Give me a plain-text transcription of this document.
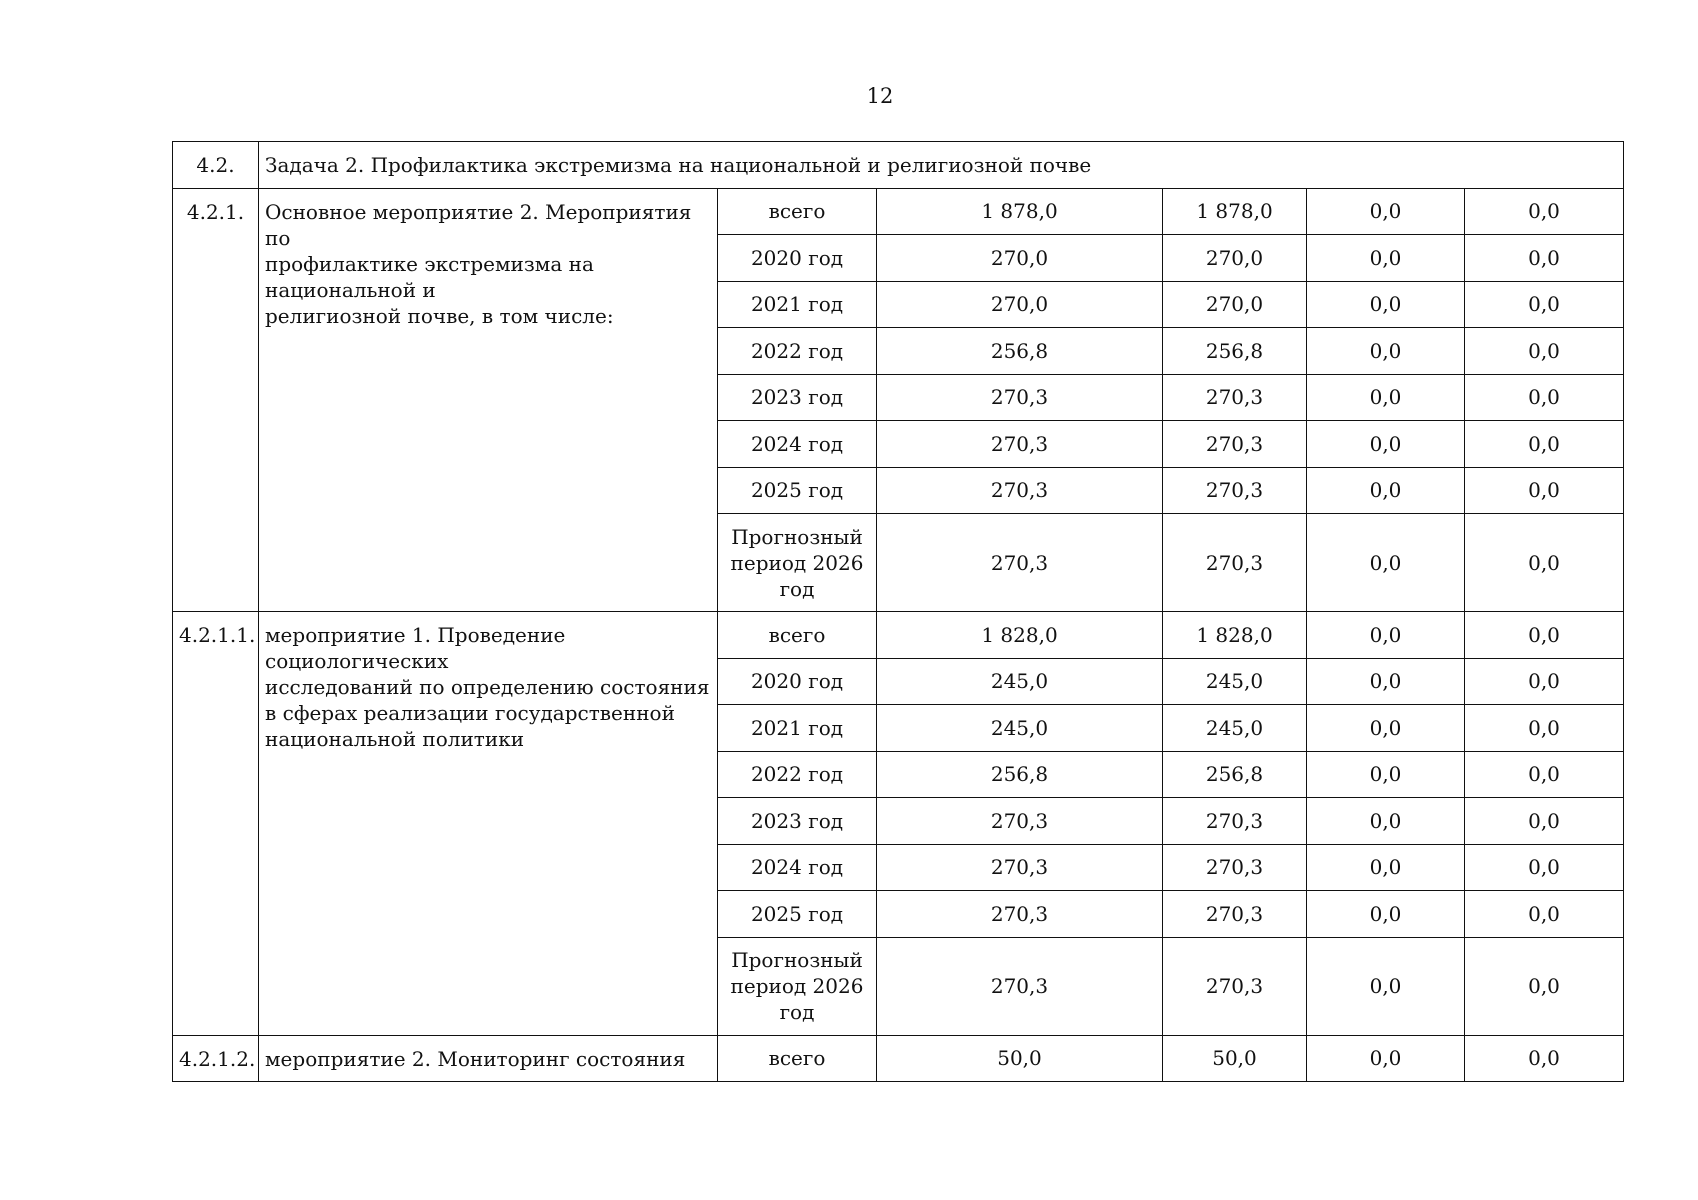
12
4.2.	Задача 2. Профилактика экстремизма на национальной и религиозной почве					
4.2.1.	Основное мероприятие 2. Мероприятия по
профилактике экстремизма на национальной и
религиозной почве, в том числе:	всего	1 878,0	1 878,0	0,0	0,0
		2020 год	270,0	270,0	0,0	0,0
		2021 год	270,0	270,0	0,0	0,0
		2022 год	256,8	256,8	0,0	0,0
		2023 год	270,3	270,3	0,0	0,0
		2024 год	270,3	270,3	0,0	0,0
		2025 год	270,3	270,3	0,0	0,0

		Прогнозный
период 2026
год	270,3	270,3	0,0	0,0
4.2.1.1.	мероприятие 1. Проведение социологических
исследований по определению состояния
в сферах реализации государственной
национальной политики	всего	1 828,0	1 828,0	0,0	0,0
		2020 год	245,0	245,0	0,0	0,0
		2021 год	245,0	245,0	0,0	0,0
		2022 год	256,8	256,8	0,0	0,0
		2023 год	270,3	270,3	0,0	0,0
		2024 год	270,3	270,3	0,0	0,0
		2025 год	270,3	270,3	0,0	0,0

		Прогнозный
период 2026
год	270,3	270,3	0,0	0,0
4.2.1.2.	мероприятие 2. Мониторинг состояния	всего	50,0	50,0	0,0	0,0
